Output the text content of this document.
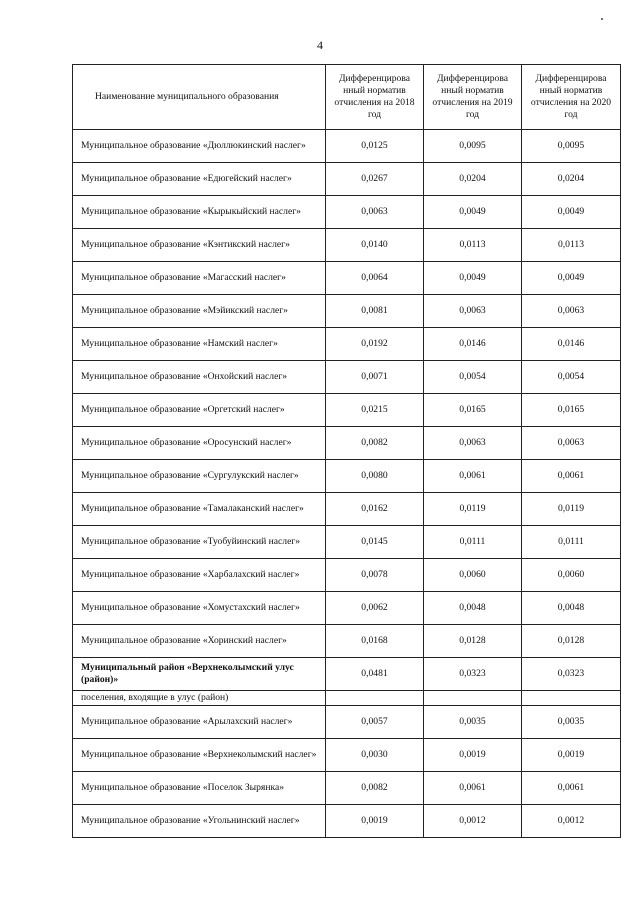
4
Наименование муниципального образования	Дифференцирова нный норматив отчисления на 2018 год	Дифференцирова нный норматив отчисления на 2019 год	Дифференцирова нный норматив отчисления на 2020 год
Муниципальное образование «Дюллюкинский наслег»	0,0125	0,0095	0,0095
Муниципальное образование «Едюгейский наслег»	0,0267	0,0204	0,0204
Муниципальное образование «Кырыкыйский наслег»	0,0063	0,0049	0,0049
Муниципальное образование «Кэнтикский наслег»	0,0140	0,0113	0,0113
Муниципальное образование «Магасский наслег»	0,0064	0,0049	0,0049
Муниципальное образование «Мэйикский наслег»	0,0081	0,0063	0,0063
Муниципальное образование «Намский наслег»	0,0192	0,0146	0,0146
Муниципальное образование «Онхойский наслег»	0,0071	0,0054	0,0054
Муниципальное образование «Оргетский наслег»	0,0215	0,0165	0,0165
Муниципальное образование «Оросунский наслег»	0,0082	0,0063	0,0063
Муниципальное образование «Сургулукский наслег»	0,0080	0,0061	0,0061
Муниципальное образование «Тамалаканский наслег»	0,0162	0,0119	0,0119
Муниципальное образование «Туобуйинский наслег»	0,0145	0,0111	0,0111
Муниципальное образование «Харбалахский наслег»	0,0078	0,0060	0,0060
Муниципальное образование «Хомустахский наслег»	0,0062	0,0048	0,0048
Муниципальное образование «Хоринский наслег»	0,0168	0,0128	0,0128
Муниципальный район «Верхнеколымский улус (район)»	0,0481	0,0323	0,0323
поселения, входящие в улус (район)			
Муниципальное образование «Арылахский наслег»	0,0057	0,0035	0,0035
Муниципальное образование «Верхнеколымский наслег»	0,0030	0,0019	0,0019
Муниципальное образование «Поселок Зырянка»	0,0082	0,0061	0,0061
Муниципальное образование «Угольнинский наслег»	0,0019	0,0012	0,0012
